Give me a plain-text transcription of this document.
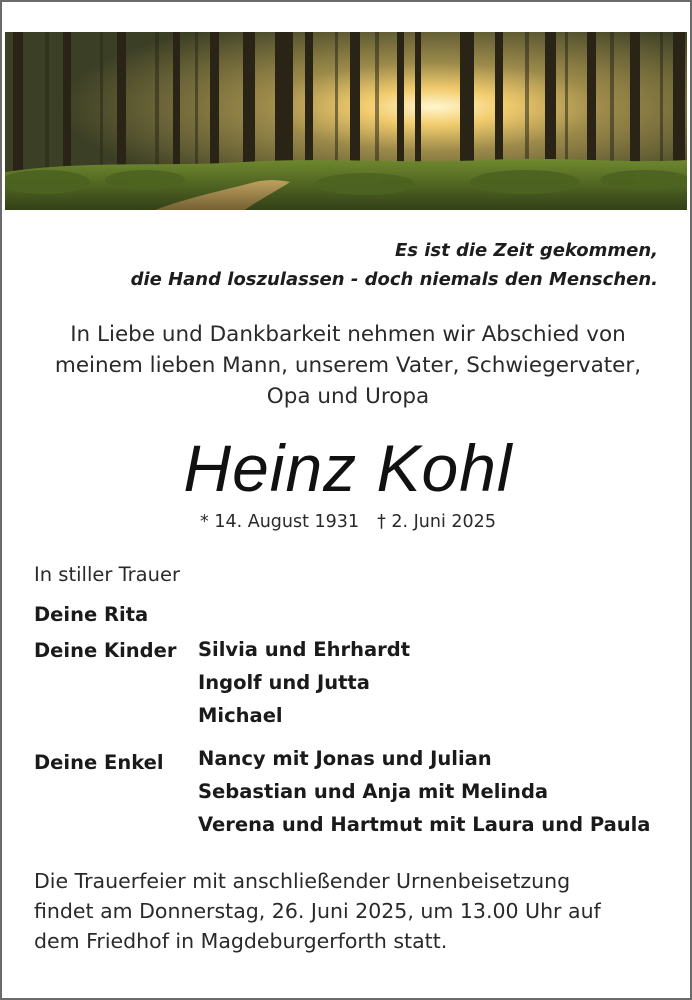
Es ist die Zeit gekommen,
die Hand loszulassen - doch niemals den Menschen.
In Liebe und Dankbarkeit nehmen wir Abschied von
meinem lieben Mann, unserem Vater, Schwiegervater,
Opa und Uropa
Heinz Kohl
* 14. August 1931 † 2. Juni 2025
In stiller Trauer
Deine Rita
Deine Kinder Silvia und Ehrhardt
Ingolf und Jutta
Michael
Deine Enkel Nancy mit Jonas und Julian
Sebastian und Anja mit Melinda
Verena und Hartmut mit Laura und Paula
Die Trauerfeier mit anschließender Urnenbeisetzung
findet am Donnerstag, 26. Juni 2025, um 13.00 Uhr auf
dem Friedhof in Magdeburgerforth statt.
